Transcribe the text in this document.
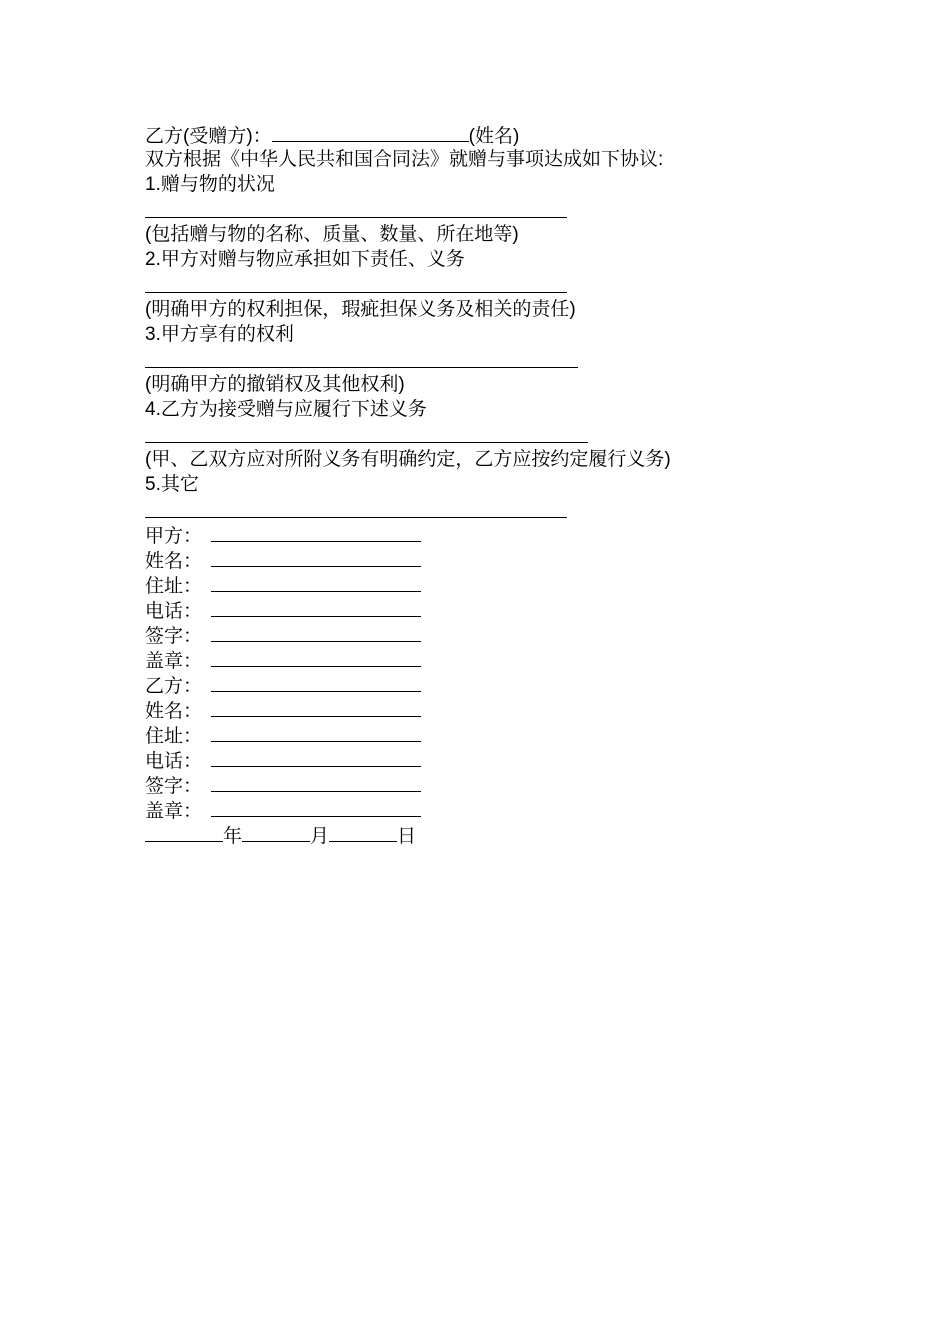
乙方(受赠方)：	(姓名)
双方根据《中华人民共和国合同法》就赠与事项达成如下协议:
1.赠与物的状况
(包括赠与物的名称、质量、数量、所在地等)
2.甲方对赠与物应承担如下责任、义务
(明确甲方的权利担保，瑕疵担保义务及相关的责任)
3.甲方享有的权利
(明确甲方的撤销权及其他权利)
4.乙方为接受赠与应履行下述义务
(甲、乙双方应对所附义务有明确约定，乙方应按约定履行义务)
5.其它
甲方：
姓名：
住址：
电话：
签字：
盖章：
乙方：
姓名：
住址：
电话：
签字：
盖章：
年	月	日
